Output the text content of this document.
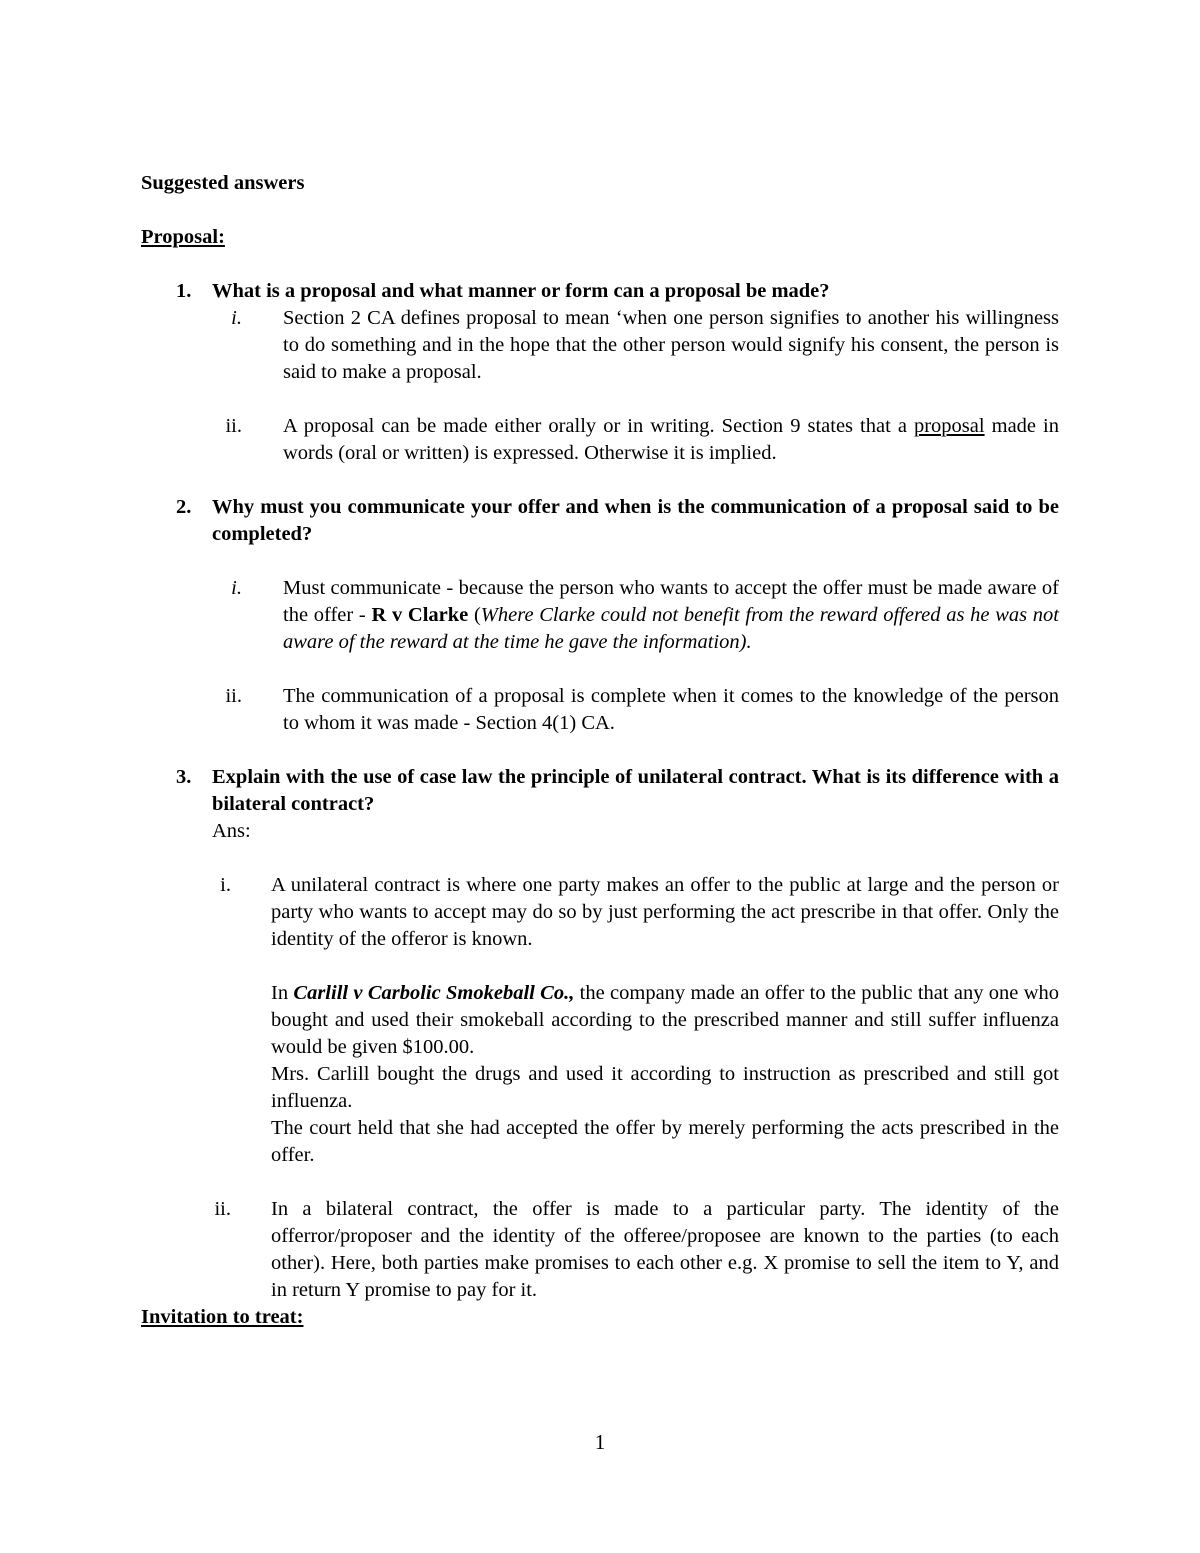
Suggested answers

Proposal:

1. What is a proposal and what manner or form can a proposal be made?

i. Section 2 CA defines proposal to mean ‘when one person signifies to another his willingness to do something and in the hope that the other person would signify his consent, the person is said to make a proposal.

ii. A proposal can be made either orally or in writing. Section 9 states that a proposal made in words (oral or written) is expressed. Otherwise it is implied.

2. Why must you communicate your offer and when is the communication of a proposal said to be completed?

i. Must communicate - because the person who wants to accept the offer must be made aware of the offer - R v Clarke (Where Clarke could not benefit from the reward offered as he was not aware of the reward at the time he gave the information).

ii. The communication of a proposal is complete when it comes to the knowledge of the person to whom it was made - Section 4(1) CA.

3. Explain with the use of case law the principle of unilateral contract. What is its difference with a bilateral contract?

Ans:

i. A unilateral contract is where one party makes an offer to the public at large and the person or party who wants to accept may do so by just performing the act prescribe in that offer. Only the identity of the offeror is known.

In Carlill v Carbolic Smokeball Co., the company made an offer to the public that any one who bought and used their smokeball according to the prescribed manner and still suffer influenza would be given $100.00.

Mrs. Carlill bought the drugs and used it according to instruction as prescribed and still got influenza.

The court held that she had accepted the offer by merely performing the acts prescribed in the offer.

ii. In a bilateral contract, the offer is made to a particular party. The identity of the offerror/proposer and the identity of the offeree/proposee are known to the parties (to each other). Here, both parties make promises to each other e.g. X promise to sell the item to Y, and in return Y promise to pay for it.

Invitation to treat:

1
